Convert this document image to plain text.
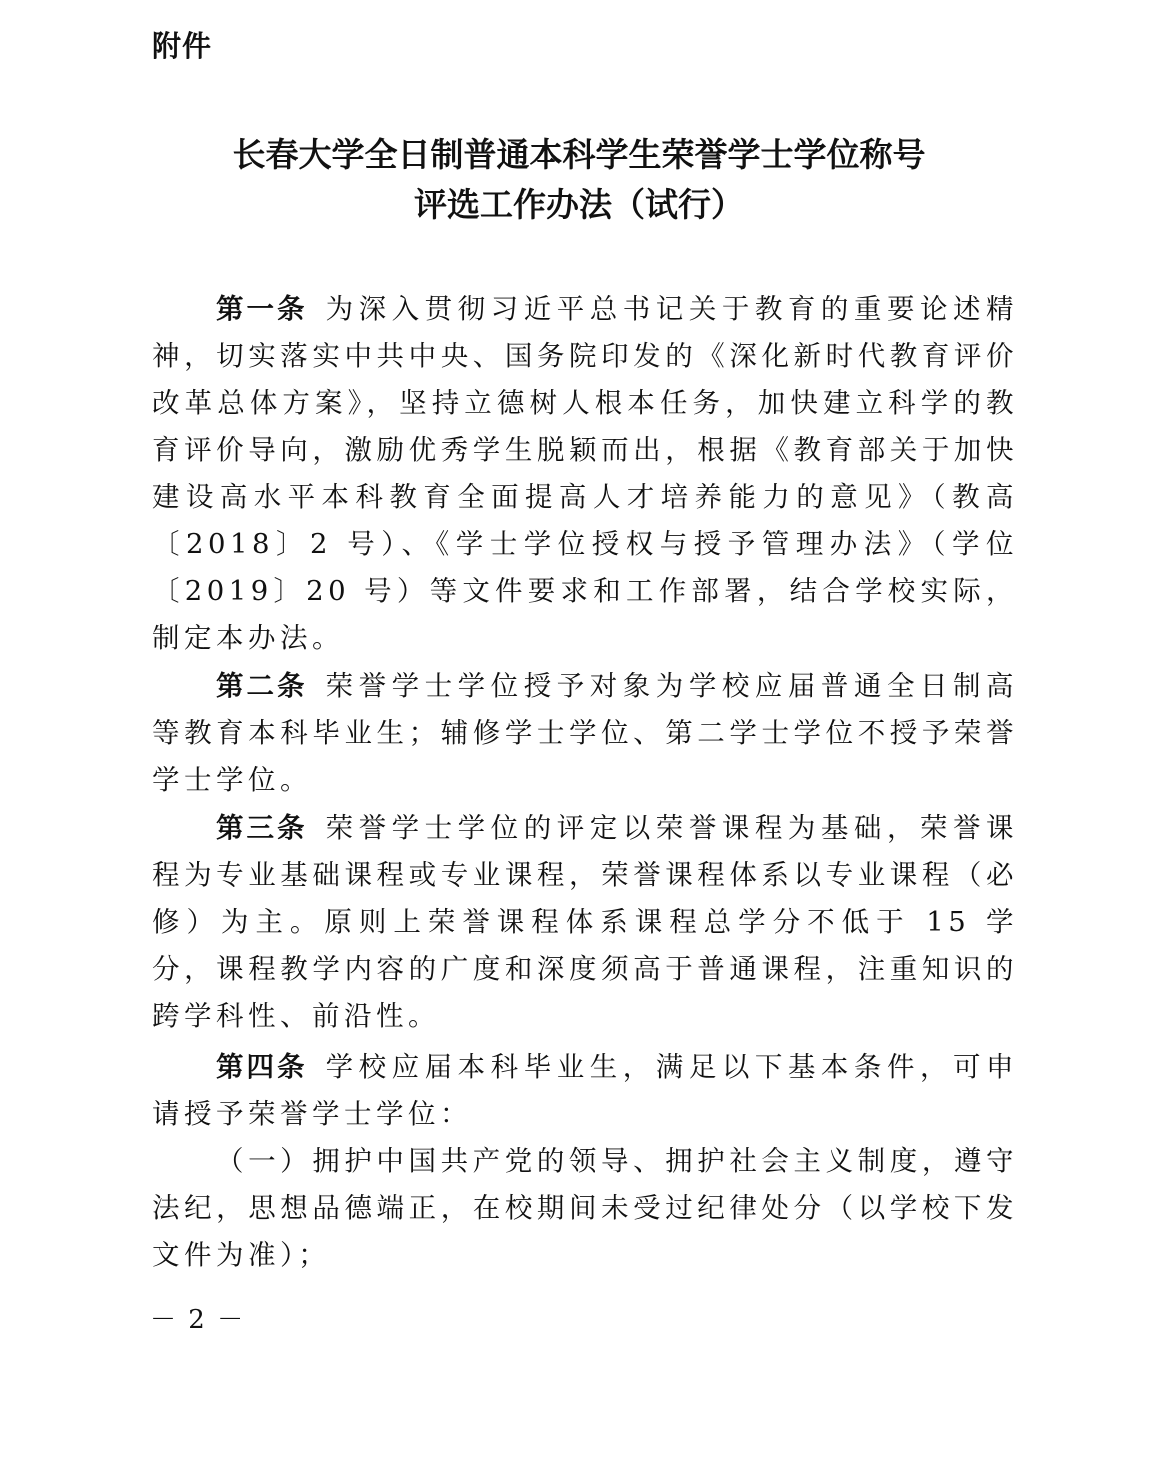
附件
长春大学全日制普通本科学生荣誉学士学位称号
评选工作办法（试行）

第一条 为深入贯彻习近平总书记关于教育的重要论述精神，切实落实中共中央、国务院印发的《深化新时代教育评价改革总体方案》，坚持立德树人根本任务，加快建立科学的教育评价导向，激励优秀学生脱颖而出，根据《教育部关于加快建设高水平本科教育全面提高人才培养能力的意见》（教高〔2018〕2 号）、《学士学位授权与授予管理办法》（学位〔2019〕20 号）等文件要求和工作部署，结合学校实际，制定本办法。

第二条 荣誉学士学位授予对象为学校应届普通全日制高等教育本科毕业生；辅修学士学位、第二学士学位不授予荣誉学士学位。

第三条 荣誉学士学位的评定以荣誉课程为基础，荣誉课程为专业基础课程或专业课程，荣誉课程体系以专业课程（必修）为主。原则上荣誉课程体系课程总学分不低于 15 学分，课程教学内容的广度和深度须高于普通课程，注重知识的跨学科性、前沿性。

第四条 学校应届本科毕业生，满足以下基本条件，可申请授予荣誉学士学位：

（一）拥护中国共产党的领导、拥护社会主义制度，遵守法纪，思想品德端正，在校期间未受过纪律处分（以学校下发文件为准）；

－ 2 －
